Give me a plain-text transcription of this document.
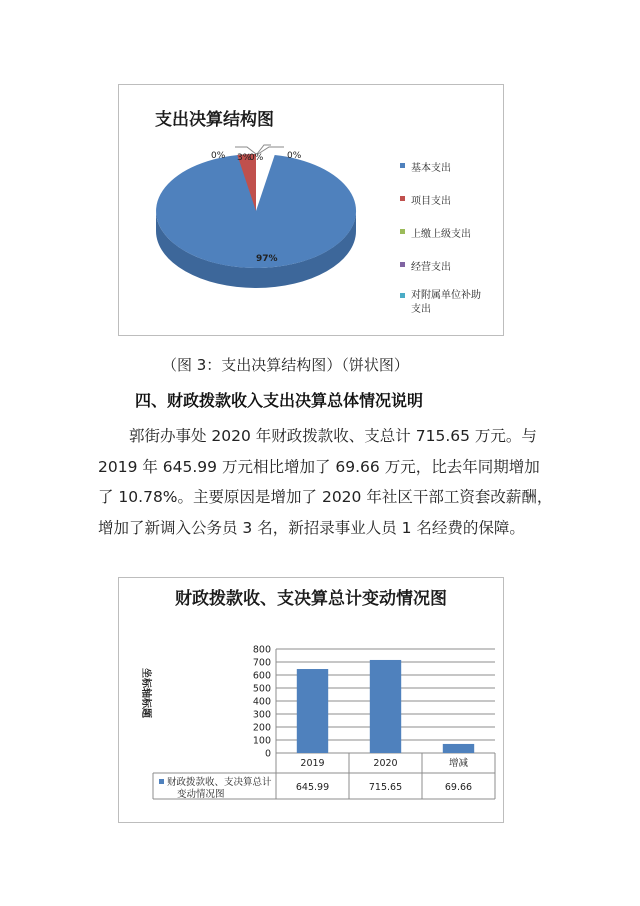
支出决算结构图
0% 3%
0%	0%
97%
基本支出
项目支出
上缴上级支出
经营支出
对附属单位补助支出
（图 3：支出决算结构图）（饼状图）
四、财政拨款收入支出决算总体情况说明
郭街办事处 2020 年财政拨款收、支总计 715.65 万元。与 2019 年 645.99 万元相比增加了 69.66 万元，比去年同期增加了 10.78%。主要原因是增加了 2020 年社区干部工资套改薪酬，增加了新调入公务员 3 名，新招录事业人员 1 名经费的保障。
财政拨款收、支决算总计变动情况图
坐标轴标题
0
100
200
300
400
500
600
700
800
2019
645.99
2020
715.65
增减
69.66
财政拨款收、支决算总计
变动情况图
